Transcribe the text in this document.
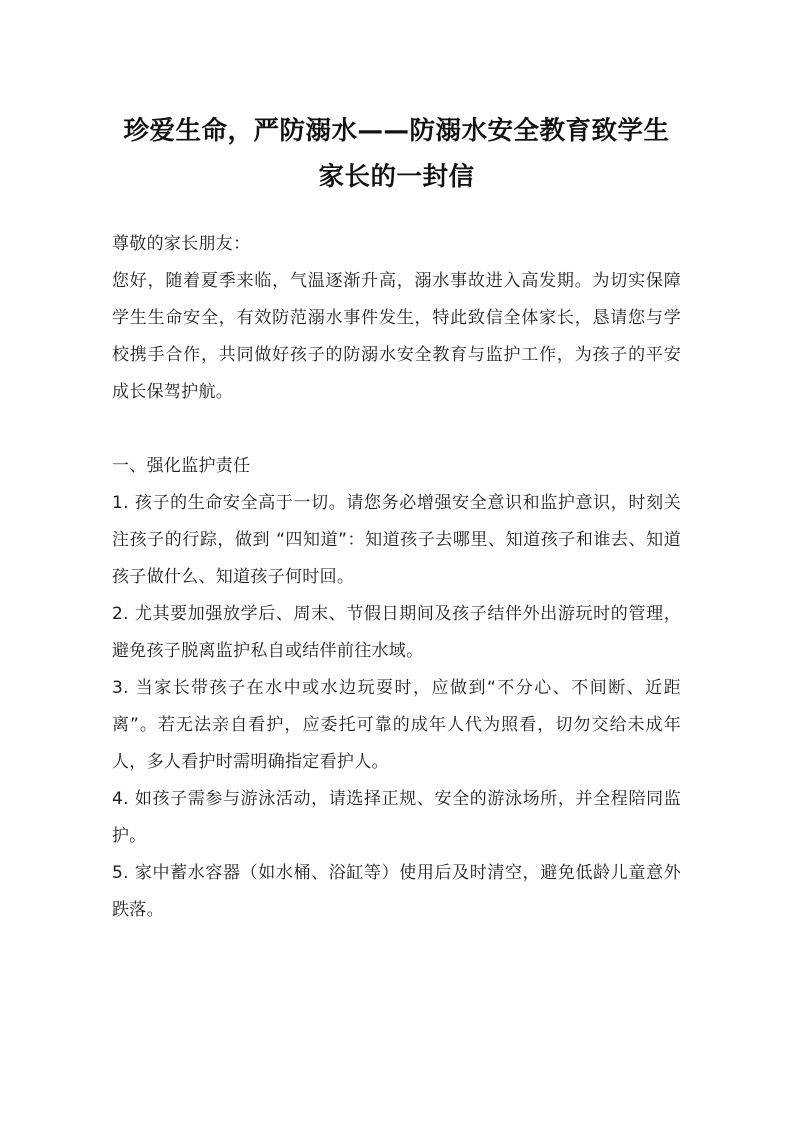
珍爱生命，严防溺水——防溺水安全教育致学生家长的一封信

尊敬的家长朋友：

您好，随着夏季来临，气温逐渐升高，溺水事故进入高发期。为切实保障学生生命安全，有效防范溺水事件发生，特此致信全体家长，恳请您与学校携手合作，共同做好孩子的防溺水安全教育与监护工作，为孩子的平安成长保驾护航。

一、强化监护责任

1. 孩子的生命安全高于一切。请您务必增强安全意识和监护意识，时刻关注孩子的行踪，做到 “四知道”：知道孩子去哪里、知道孩子和谁去、知道孩子做什么、知道孩子何时回。
2. 尤其要加强放学后、周末、节假日期间及孩子结伴外出游玩时的管理，避免孩子脱离监护私自或结伴前往水域。
3. 当家长带孩子在水中或水边玩耍时，应做到“不分心、不间断、近距离”。若无法亲自看护，应委托可靠的成年人代为照看，切勿交给未成年人，多人看护时需明确指定看护人。
4. 如孩子需参与游泳活动，请选择正规、安全的游泳场所，并全程陪同监护。
5. 家中蓄水容器（如水桶、浴缸等）使用后及时清空，避免低龄儿童意外跌落。
